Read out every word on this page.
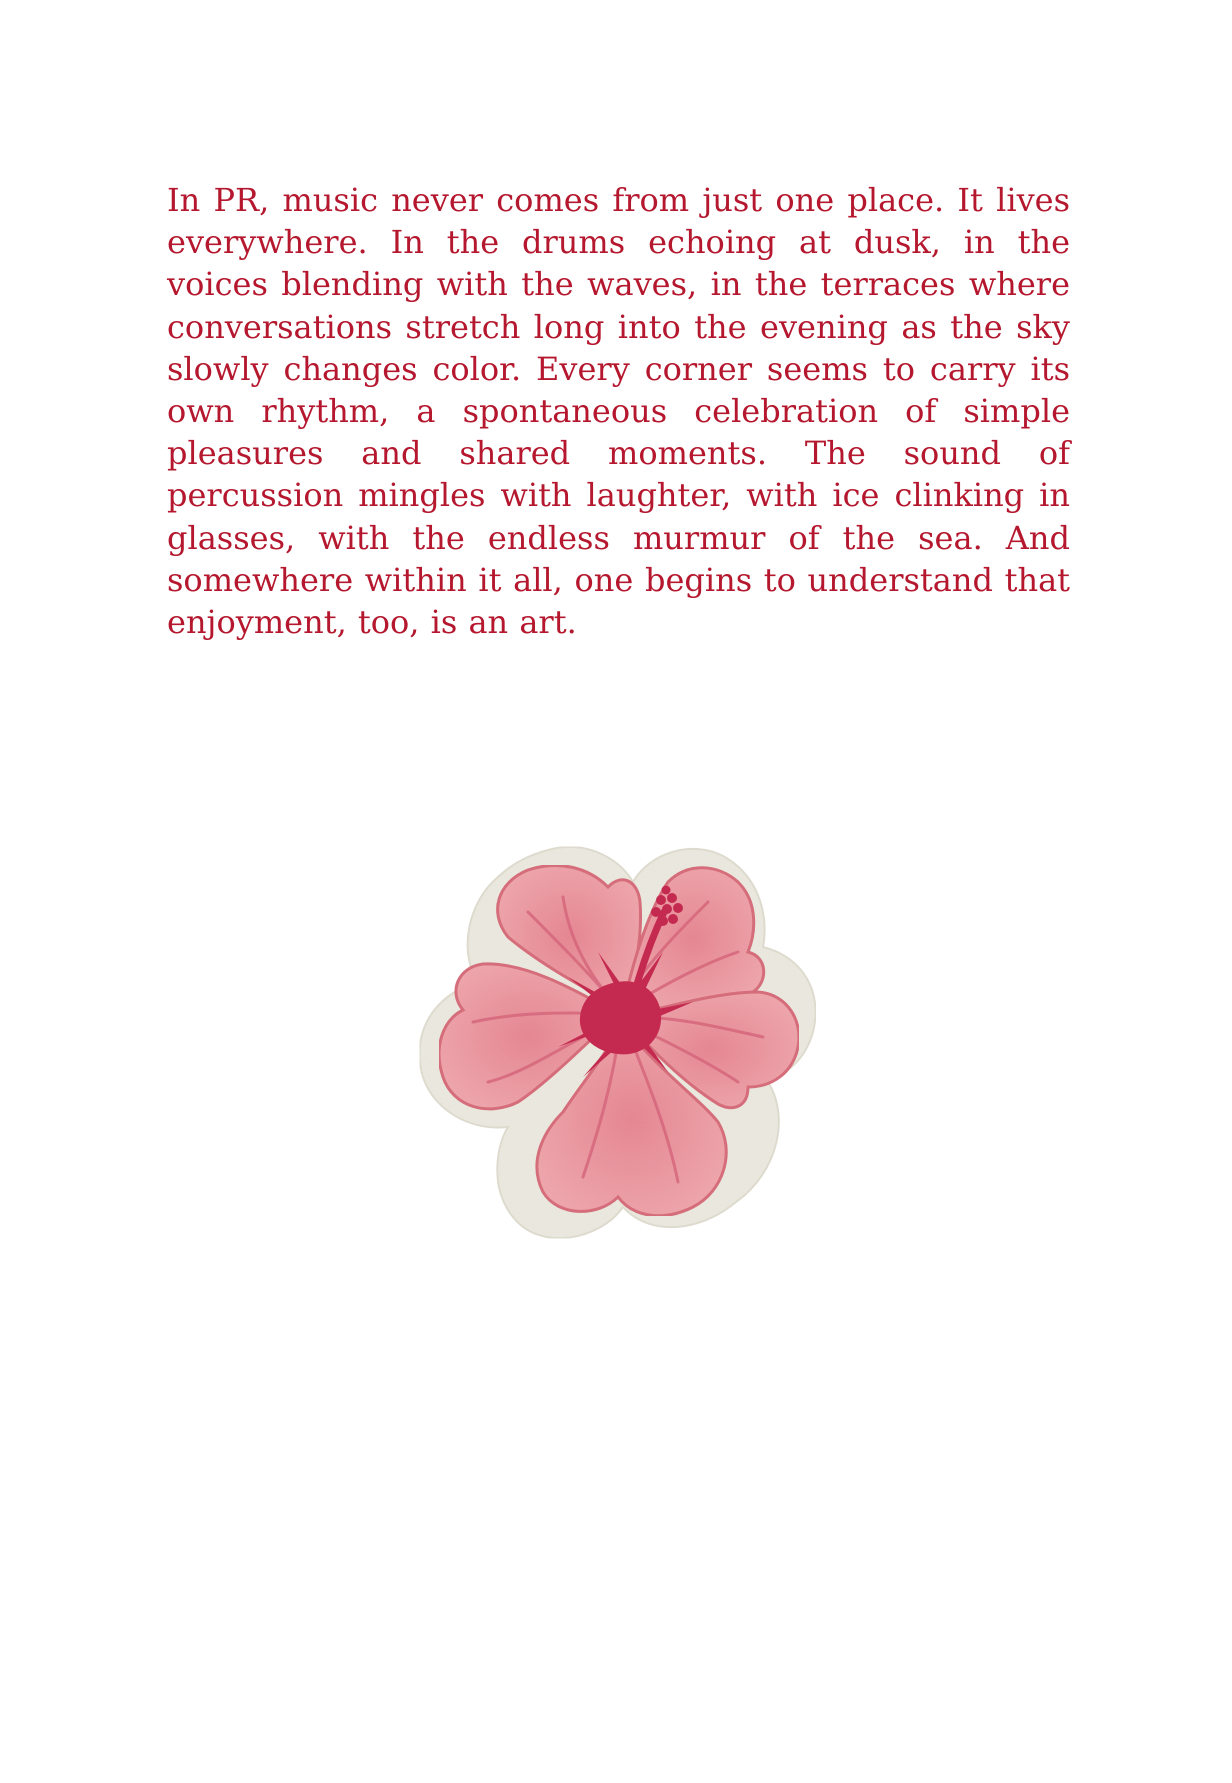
In PR, music never comes from just one place. It lives everywhere. In the drums echoing at dusk, in the voices blending with the waves, in the terraces where conversations stretch long into the evening as the sky slowly changes color. Every corner seems to carry its own rhythm, a spontaneous celebration of simple pleasures and shared moments. The sound of percussion mingles with laughter, with ice clinking in glasses, with the endless murmur of the sea. And somewhere within it all, one begins to understand that enjoyment, too, is an art.
